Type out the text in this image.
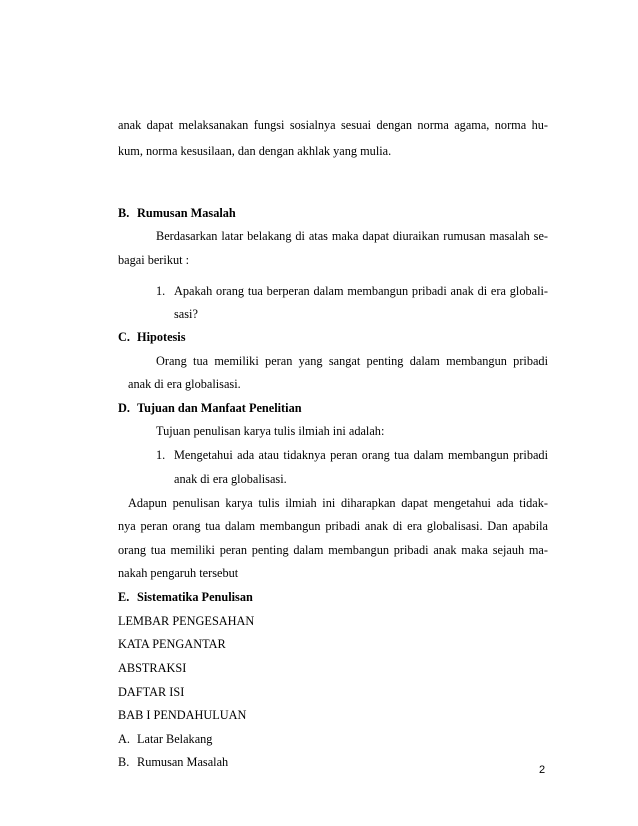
anak dapat melaksanakan fungsi sosialnya sesuai dengan norma agama, norma hu-
kum, norma kesusilaan, dan dengan akhlak yang mulia.
B. Rumusan Masalah
Berdasarkan latar belakang di atas maka dapat diuraikan rumusan masalah se-
bagai berikut :
1. Apakah orang tua berperan dalam membangun pribadi anak di era globali-
sasi?
C. Hipotesis
Orang tua memiliki peran yang sangat penting dalam membangun pribadi
anak di era globalisasi.
D. Tujuan dan Manfaat Penelitian
Tujuan penulisan karya tulis ilmiah ini adalah:
1. Mengetahui ada atau tidaknya peran orang tua dalam membangun pribadi
anak di era globalisasi.
Adapun penulisan karya tulis ilmiah ini diharapkan dapat mengetahui ada tidak-
nya peran orang tua dalam membangun pribadi anak di era globalisasi. Dan apabila
orang tua memiliki peran penting dalam membangun pribadi anak maka sejauh ma-
nakah pengaruh tersebut
E. Sistematika Penulisan
LEMBAR PENGESAHAN
KATA PENGANTAR
ABSTRAKSI
DAFTAR ISI
BAB I PENDAHULUAN
A. Latar Belakang
B. Rumusan Masalah
2
